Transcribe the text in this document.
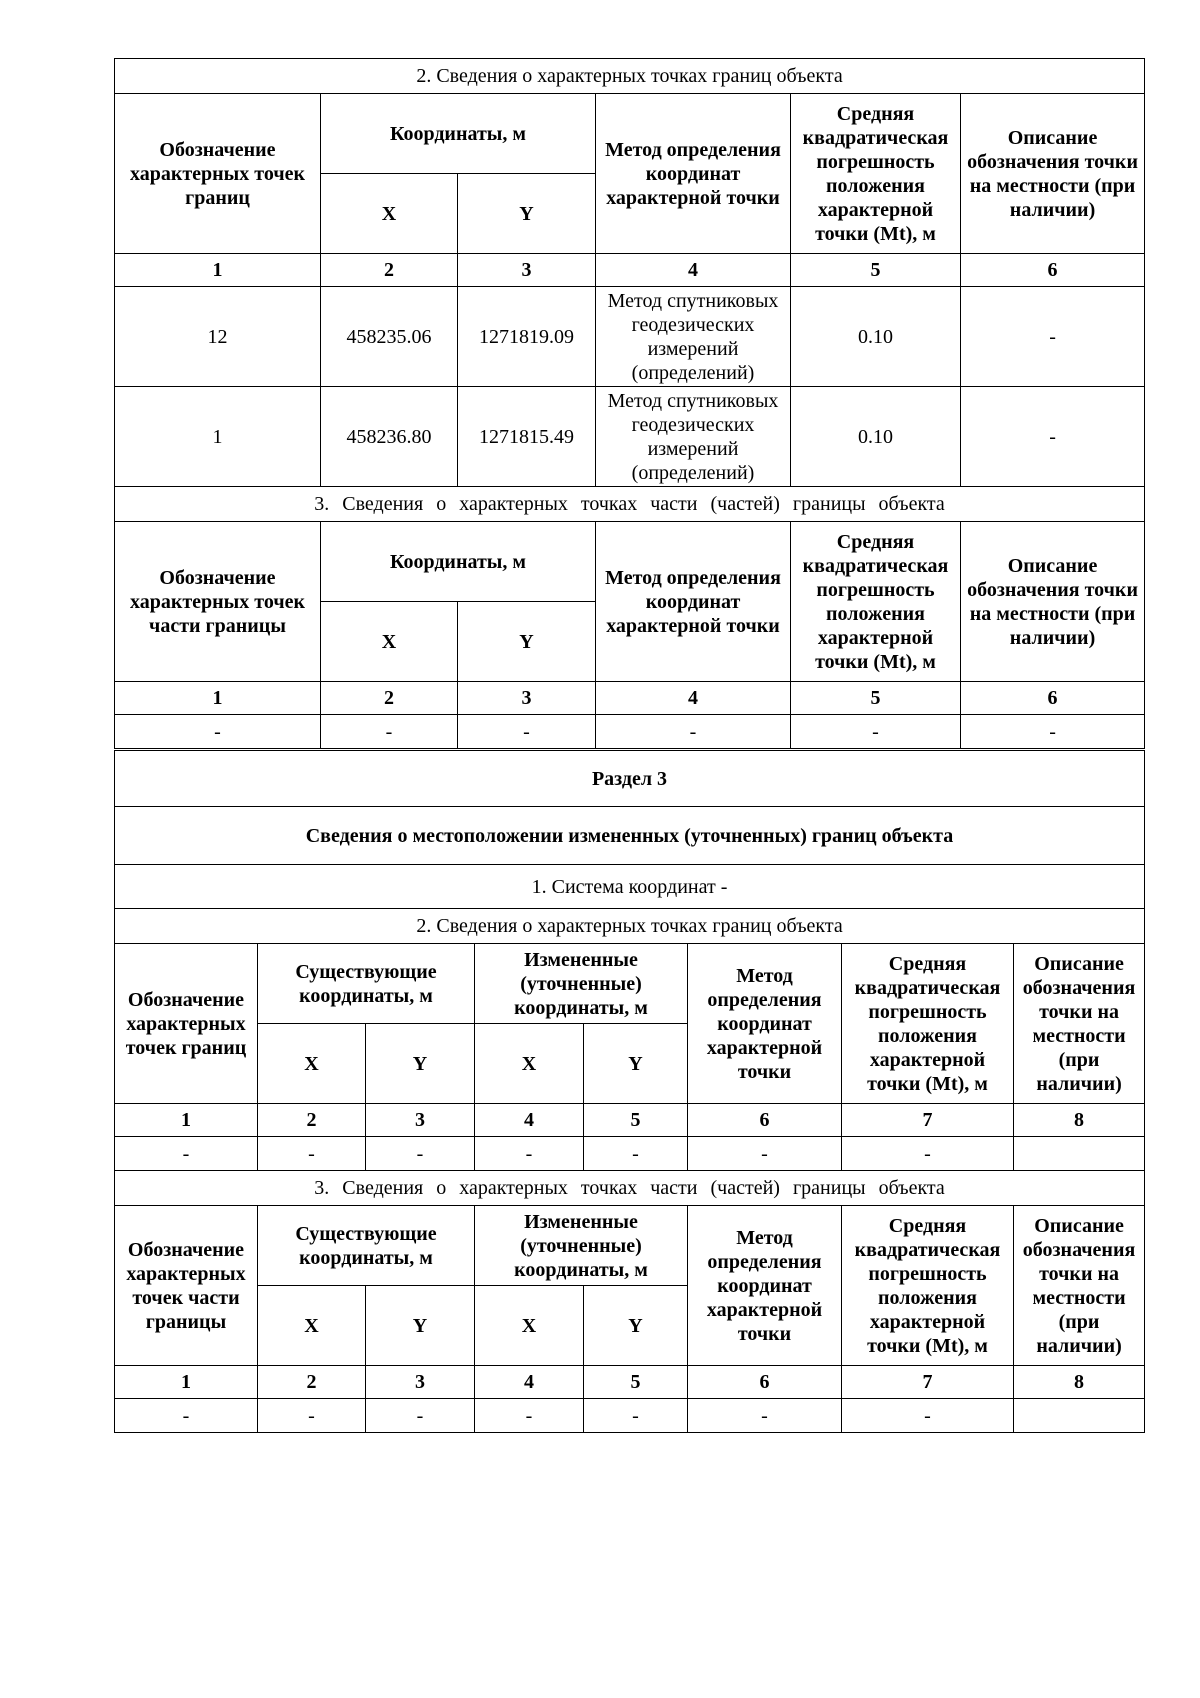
2. Сведения о характерных точках границ объекта					
Обозначение характерных точек границ	Координаты, м		Метод определения координат характерной точки	Средняя квадратическая погрешность положения характерной точки (Mt), м	Описание обозначения точки на местности (при наличии)
	X	Y			
1	2	3	4	5	6
12	458235.06	1271819.09	Метод спутниковых геодезических измерений (определений)	0.10	-
1	458236.80	1271815.49	Метод спутниковых геодезических измерений (определений)	0.10	-
3. Сведения о характерных точках части (частей) границы объекта					
Обозначение характерных точек части границы	Координаты, м		Метод определения координат характерной точки	Средняя квадратическая погрешность положения характерной точки (Mt), м	Описание обозначения точки на местности (при наличии)
	X	Y			
1	2	3	4	5	6
-	-	-	-	-	-
Раздел 3
Сведения о местоположении измененных (уточненных) границ объекта
1. Система координат -
2. Сведения о характерных точках границ объекта							
Обозначение характерных точек границ	Существующие координаты, м		Измененные (уточненные) координаты, м		Метод определения координат характерной точки	Средняя квадратическая погрешность положения характерной точки (Mt), м	Описание обозначения точки на местности (при наличии)
	X	Y	X	Y			
1	2	3	4	5	6	7	8
-	-	-	-	-	-	-	
3. Сведения о характерных точках части (частей) границы объекта							
Обозначение характерных точек части границы	Существующие координаты, м		Измененные (уточненные) координаты, м		Метод определения координат характерной точки	Средняя квадратическая погрешность положения характерной точки (Mt), м	Описание обозначения точки на местности (при наличии)
	X	Y	X	Y			
1	2	3	4	5	6	7	8
-	-	-	-	-	-	-	
